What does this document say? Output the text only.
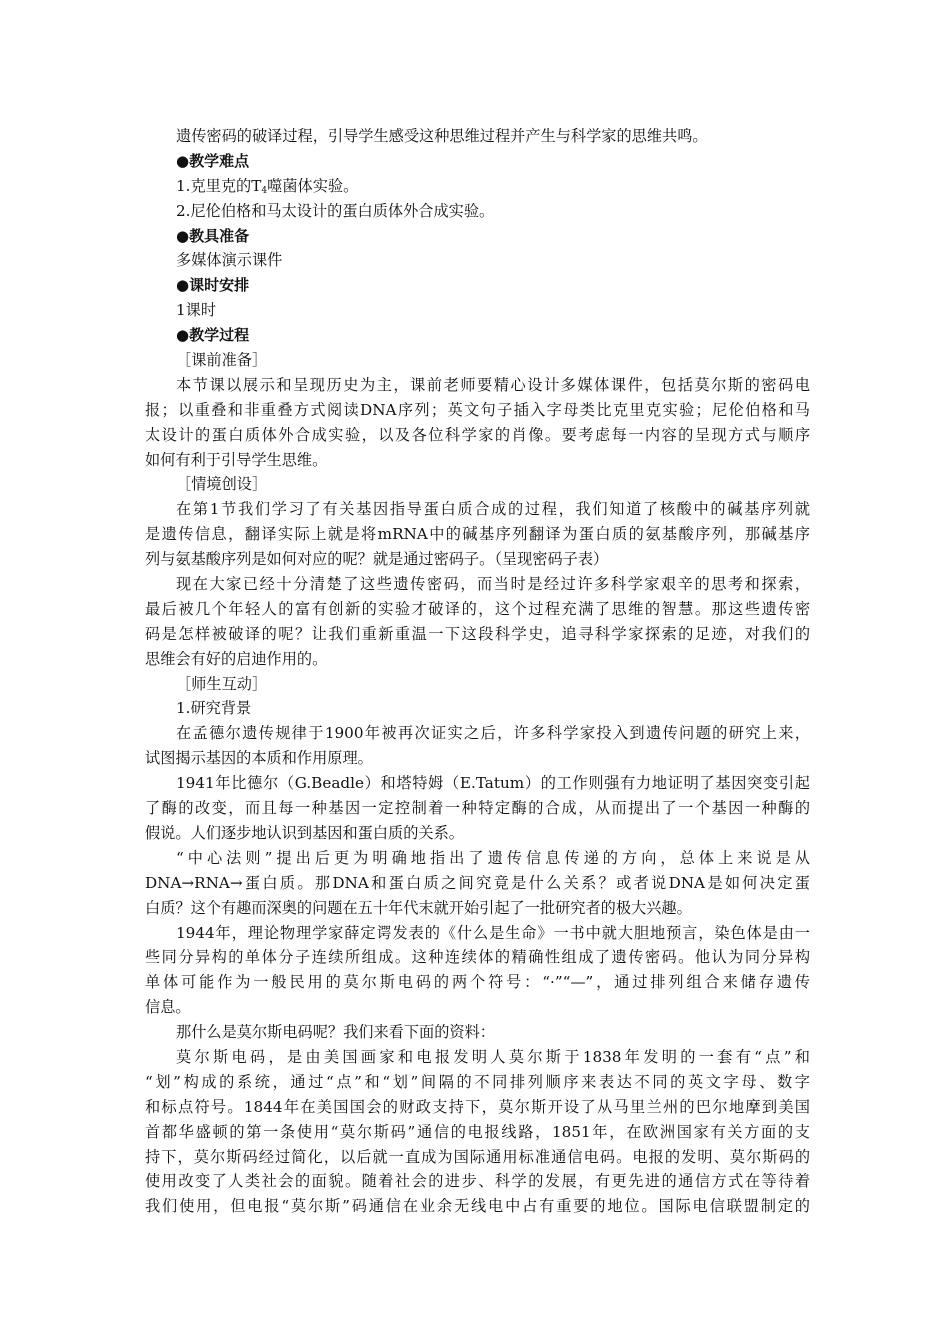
遗传密码的破译过程，引导学生感受这种思维过程并产生与科学家的思维共鸣。
●教学难点
1.克里克的$T_4$噬菌体实验。
2.尼伦伯格和马太设计的蛋白质体外合成实验。
●教具准备
多媒体演示课件
●课时安排
1课时
●教学过程
［课前准备］
本节课以展示和呈现历史为主，课前老师要精心设计多媒体课件，包括莫尔斯的密码电
报；以重叠和非重叠方式阅读DNA序列；英文句子插入字母类比克里克实验；尼伦伯格和马
太设计的蛋白质体外合成实验，以及各位科学家的肖像。要考虑每一内容的呈现方式与顺序
如何有利于引导学生思维。
［情境创设］
在第1节我们学习了有关基因指导蛋白质合成的过程，我们知道了核酸中的碱基序列就
是遗传信息，翻译实际上就是将mRNA中的碱基序列翻译为蛋白质的氨基酸序列，那碱基序
列与氨基酸序列是如何对应的呢？就是通过密码子。（呈现密码子表）
现在大家已经十分清楚了这些遗传密码，而当时是经过许多科学家艰辛的思考和探索，
最后被几个年轻人的富有创新的实验才破译的，这个过程充满了思维的智慧。那这些遗传密
码是怎样被破译的呢？让我们重新重温一下这段科学史，追寻科学家探索的足迹，对我们的
思维会有好的启迪作用的。
［师生互动］
1.研究背景
在孟德尔遗传规律于1900年被再次证实之后，许多科学家投入到遗传问题的研究上来，
试图揭示基因的本质和作用原理。
1941年比德尔（G.Beadle）和塔特姆（E.Tatum）的工作则强有力地证明了基因突变引起
了酶的改变，而且每一种基因一定控制着一种特定酶的合成，从而提出了一个基因一种酶的
假说。人们逐步地认识到基因和蛋白质的关系。
“中心法则”提出后更为明确地指出了遗传信息传递的方向，总体上来说是从
DNA→RNA→蛋白质。那DNA和蛋白质之间究竟是什么关系？或者说DNA是如何决定蛋
白质？这个有趣而深奥的问题在五十年代末就开始引起了一批研究者的极大兴趣。
1944年，理论物理学家薛定谔发表的《什么是生命》一书中就大胆地预言，染色体是由一
些同分异构的单体分子连续所组成。这种连续体的精确性组成了遗传密码。他认为同分异构
单体可能作为一般民用的莫尔斯电码的两个符号：“·”“—”，通过排列组合来储存遗传
信息。
那什么是莫尔斯电码呢？我们来看下面的资料：
莫尔斯电码，是由美国画家和电报发明人莫尔斯于1838年发明的一套有“点”和
“划”构成的系统，通过“点”和“划”间隔的不同排列顺序来表达不同的英文字母、数字
和标点符号。1844年在美国国会的财政支持下，莫尔斯开设了从马里兰州的巴尔地摩到美国
首都华盛顿的第一条使用“莫尔斯码”通信的电报线路，1851年，在欧洲国家有关方面的支
持下，莫尔斯码经过简化，以后就一直成为国际通用标准通信电码。电报的发明、莫尔斯码的
使用改变了人类社会的面貌。随着社会的进步、科学的发展，有更先进的通信方式在等待着
我们使用，但电报“莫尔斯”码通信在业余无线电中占有重要的地位。国际电信联盟制定的
